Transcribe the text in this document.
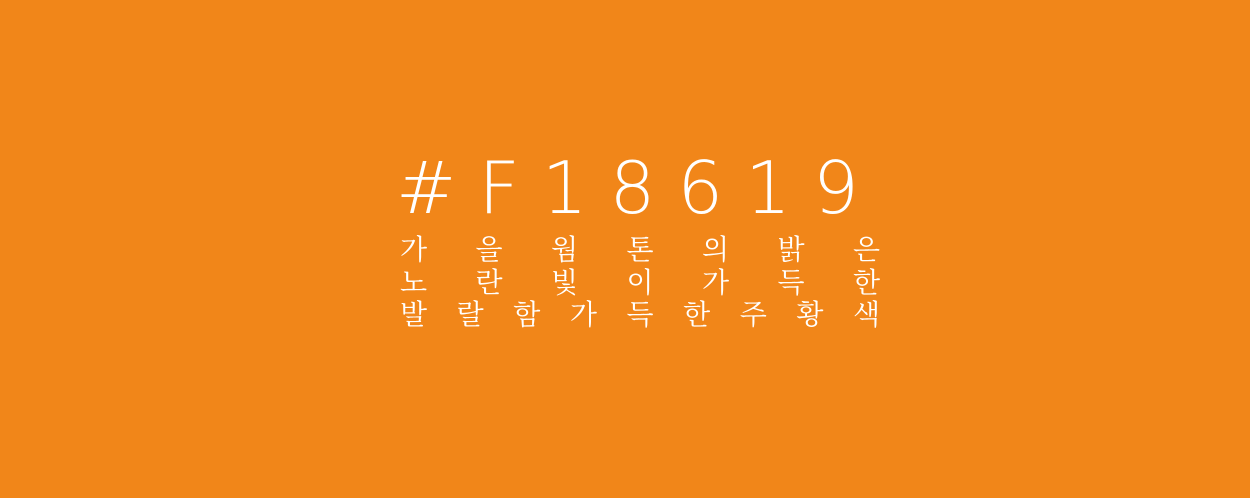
#F18619
가 을 웜 톤 의 밝 은
노 란 빛 이 가 득 한
발 랄 함 가 득 한 주 황 색
